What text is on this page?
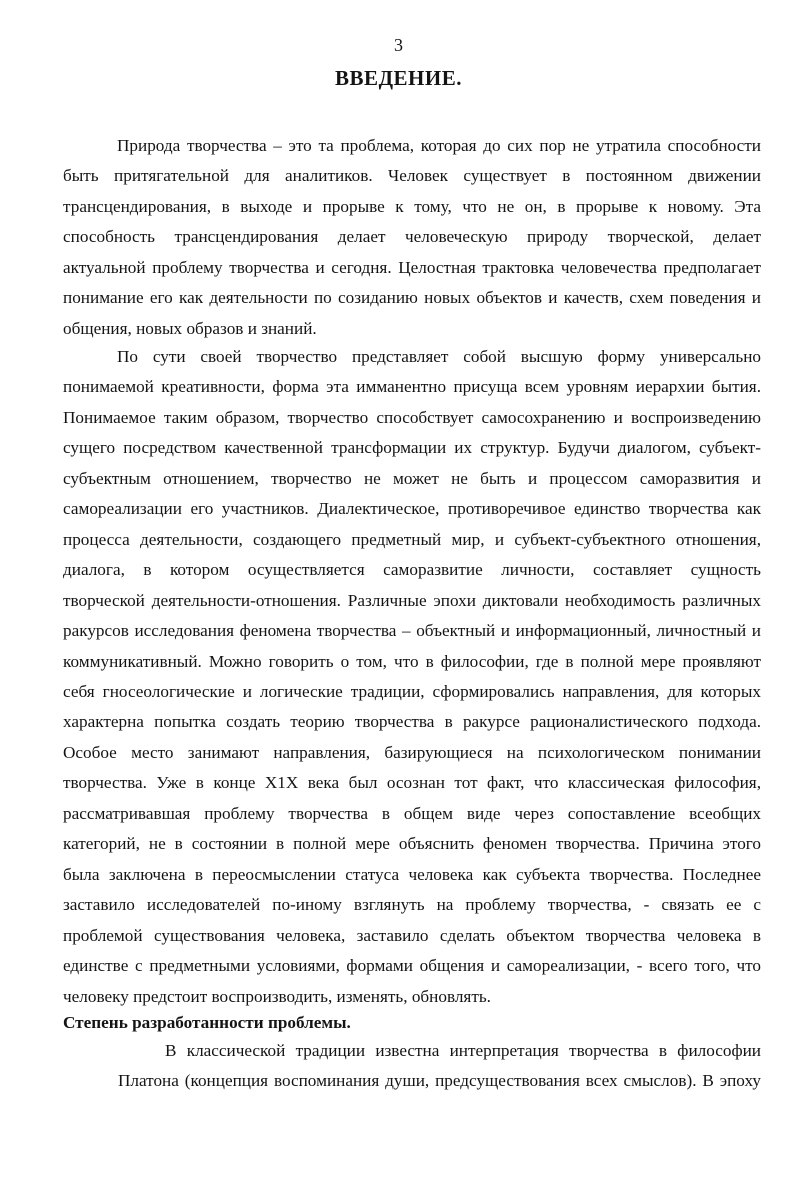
3
ВВЕДЕНИЕ.
Природа творчества – это та проблема, которая до сих пор не утратила способности
быть притягательной для аналитиков. Человек существует в постоянном движении
трансцендирования, в выходе и прорыве к тому, что не он, в прорыве к новому. Эта
способность трансцендирования делает человеческую природу творческой, делает
актуальной проблему творчества и сегодня. Целостная трактовка человечества предполагает
понимание его как деятельности по созиданию новых объектов и качеств, схем поведения и
общения, новых образов и знаний.
По сути своей творчество представляет собой высшую форму универсально
понимаемой креативности, форма эта имманентно присуща всем уровням иерархии бытия.
Понимаемое таким образом, творчество способствует самосохранению и воспроизведению
сущего посредством качественной трансформации их структур. Будучи диалогом, субъект-
субъектным отношением, творчество не может не быть и процессом саморазвития и
самореализации его участников. Диалектическое, противоречивое единство творчества как
процесса деятельности, создающего предметный мир, и субъект-субъектного отношения,
диалога, в котором осуществляется саморазвитие личности, составляет сущность
творческой деятельности-отношения. Различные эпохи диктовали необходимость различных
ракурсов исследования феномена творчества – объектный и информационный, личностный и
коммуникативный. Можно говорить о том, что в философии, где в полной мере проявляют
себя гносеологические и логические традиции, сформировались направления, для которых
характерна попытка создать теорию творчества в ракурсе рационалистического подхода.
Особое место занимают направления, базирующиеся на психологическом понимании
творчества. Уже в конце Х1Х века был осознан тот факт, что классическая философия,
рассматривавшая проблему творчества в общем виде через сопоставление всеобщих
категорий, не в состоянии в полной мере объяснить феномен творчества. Причина этого
была заключена в переосмыслении статуса человека как субъекта творчества. Последнее
заставило исследователей по-иному взглянуть на проблему творчества, - связать ее с
проблемой существования человека, заставило сделать объектом творчества человека в
единстве с предметными условиями, формами общения и самореализации, - всего того, что
человеку предстоит воспроизводить, изменять, обновлять.
Степень разработанности проблемы.
В классической традиции известна интерпретация творчества в философии
Платона (концепция воспоминания души, предсуществования всех смыслов). В эпоху
